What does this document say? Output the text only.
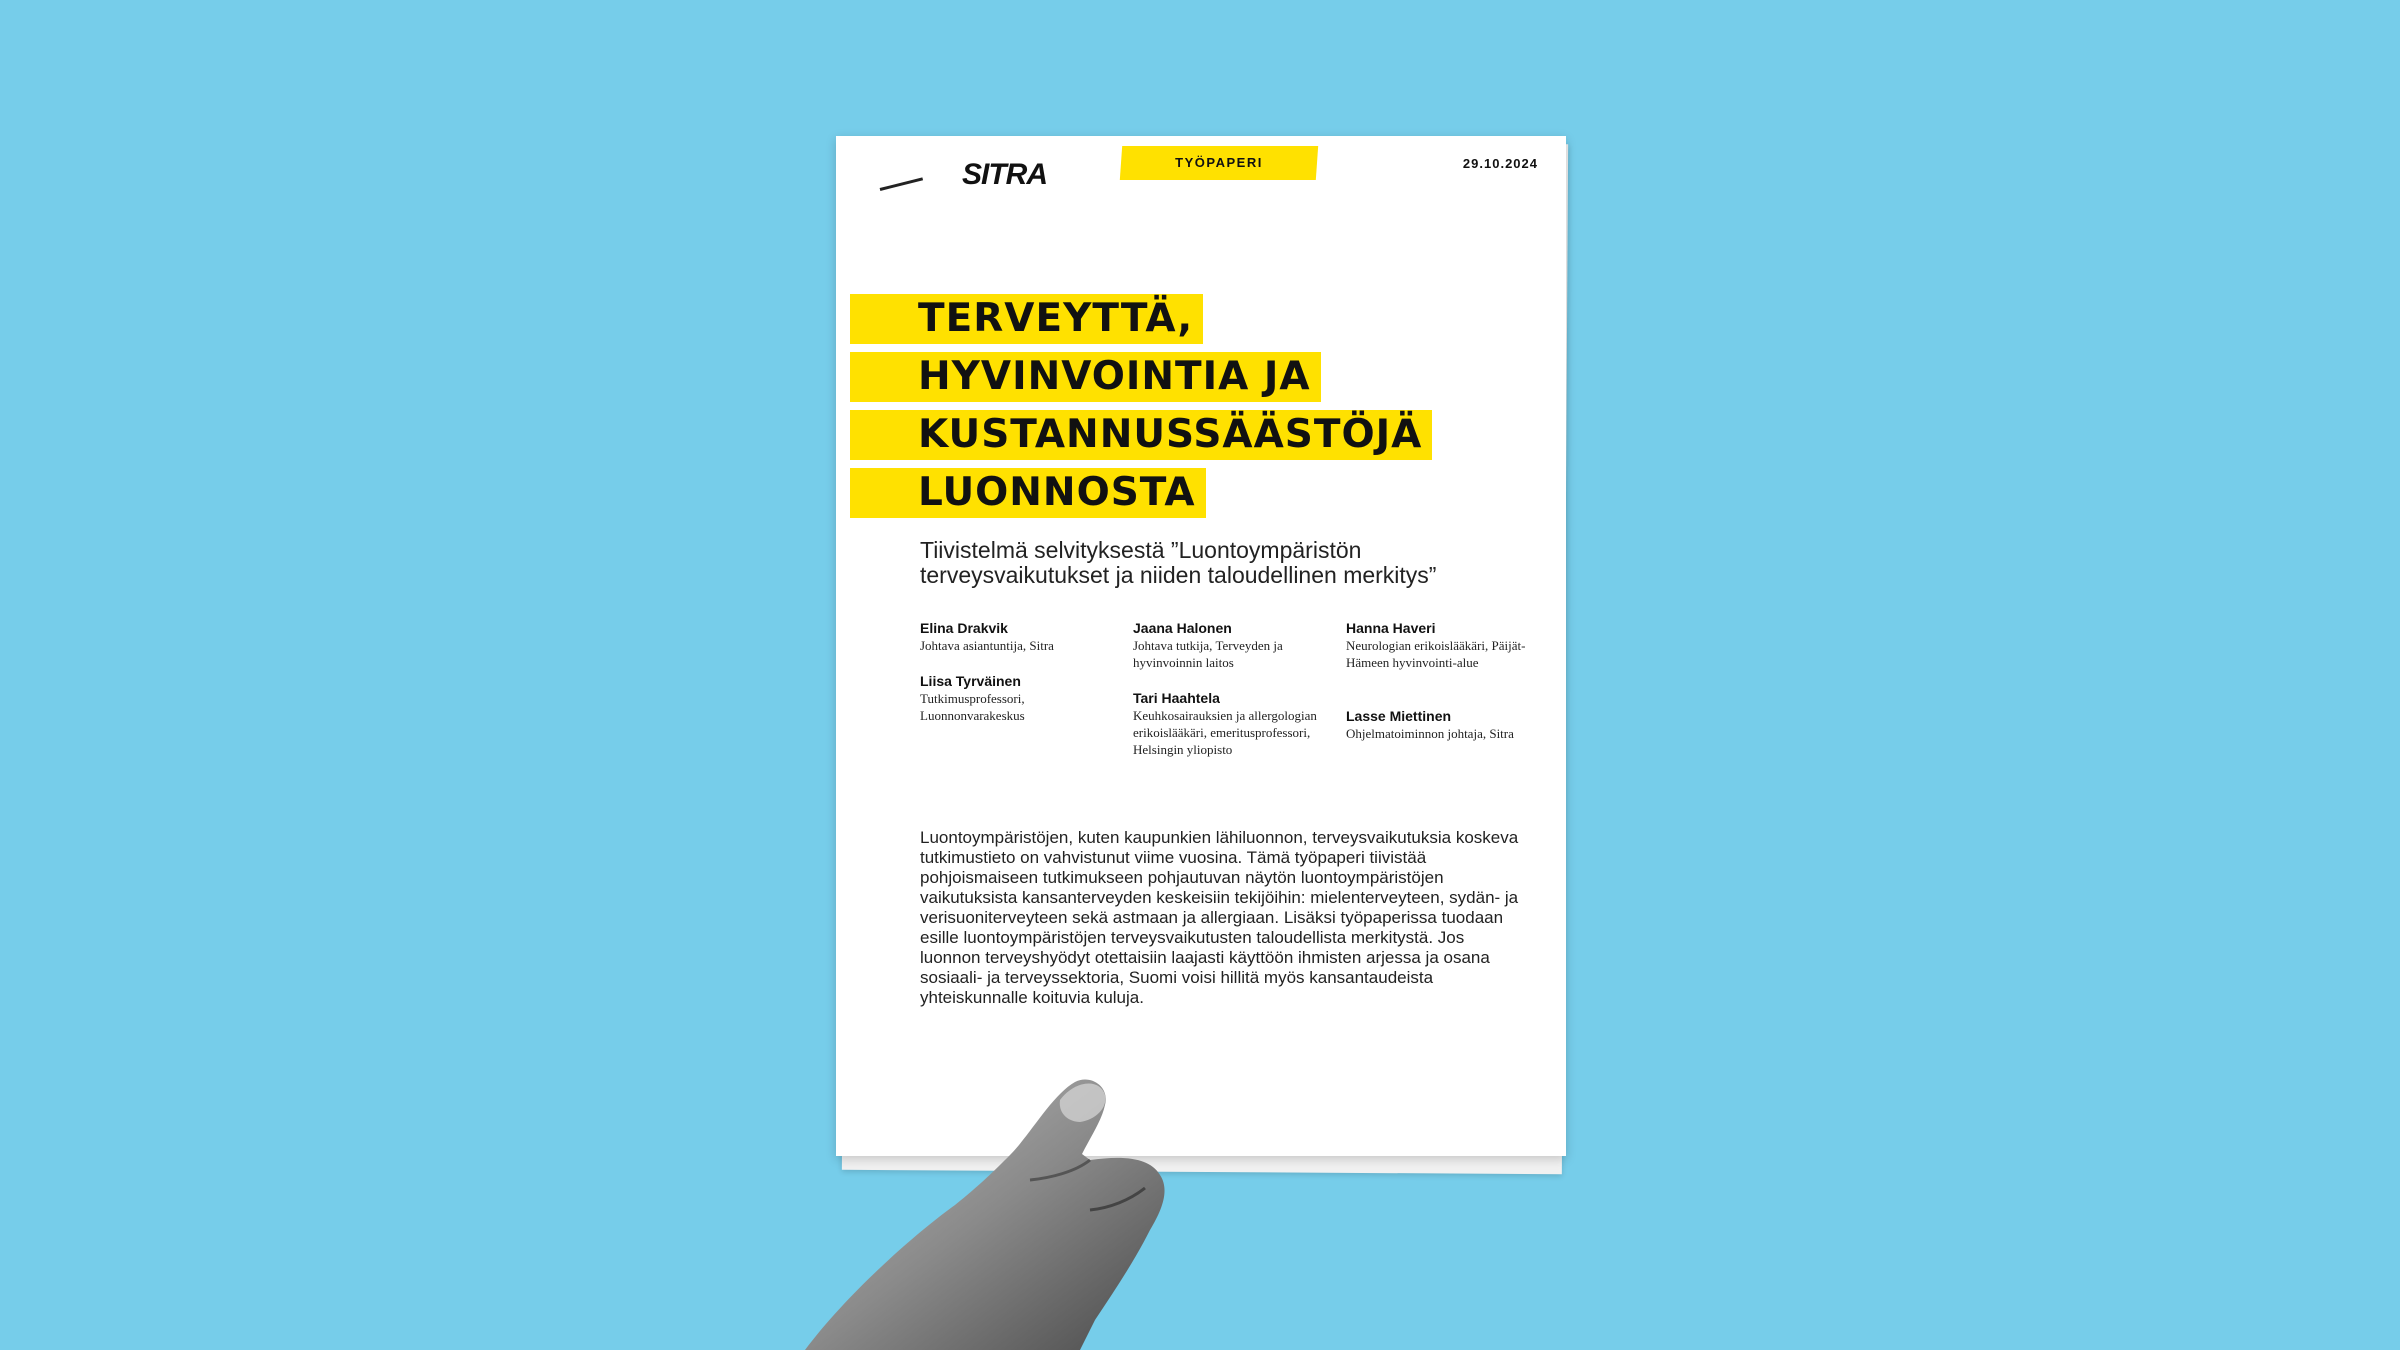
SITRA	TYÖPAPERI	29.10.2024
TERVEYTTÄ,
HYVINVOINTIA JA
KUSTANNUSSÄÄSTÖJÄ
LUONNOSTA
Tiivistelmä selvityksestä ”Luontoympäristön terveysvaikutukset ja niiden taloudellinen merkitys”
Elina Drakvik
Johtava asiantuntija, Sitra
Liisa Tyrväinen
Tutkimusprofessori, Luonnonvarakeskus
Jaana Halonen
Johtava tutkija, Terveyden ja hyvinvoinnin laitos
Tari Haahtela
Keuhkosairauksien ja allergologian erikoislääkäri, emeritusprofessori, Helsingin yliopisto
Hanna Haveri
Neurologian erikoislääkäri, Päijät-Hämeen hyvinvointi-alue
Lasse Miettinen
Ohjelmatoiminnon johtaja, Sitra
Luontoympäristöjen, kuten kaupunkien lähiluonnon, terveysvaikutuksia koskeva tutkimustieto on vahvistunut viime vuosina. Tämä työpaperi tiivistää pohjoismaiseen tutkimukseen pohjautuvan näytön luontoympäristöjen vaikutuksista kansanterveyden keskeisiin tekijöihin: mielenterveyteen, sydän- ja verisuoniterveyteen sekä astmaan ja allergiaan. Lisäksi työpaperissa tuodaan esille luontoympäristöjen terveysvaikutusten taloudellista merkitystä. Jos luonnon terveyshyödyt otettaisiin laajasti käyttöön ihmisten arjessa ja osana sosiaali- ja terveyssektoria, Suomi voisi hillitä myös kansantaudeista yhteiskunnalle koituvia kuluja.
